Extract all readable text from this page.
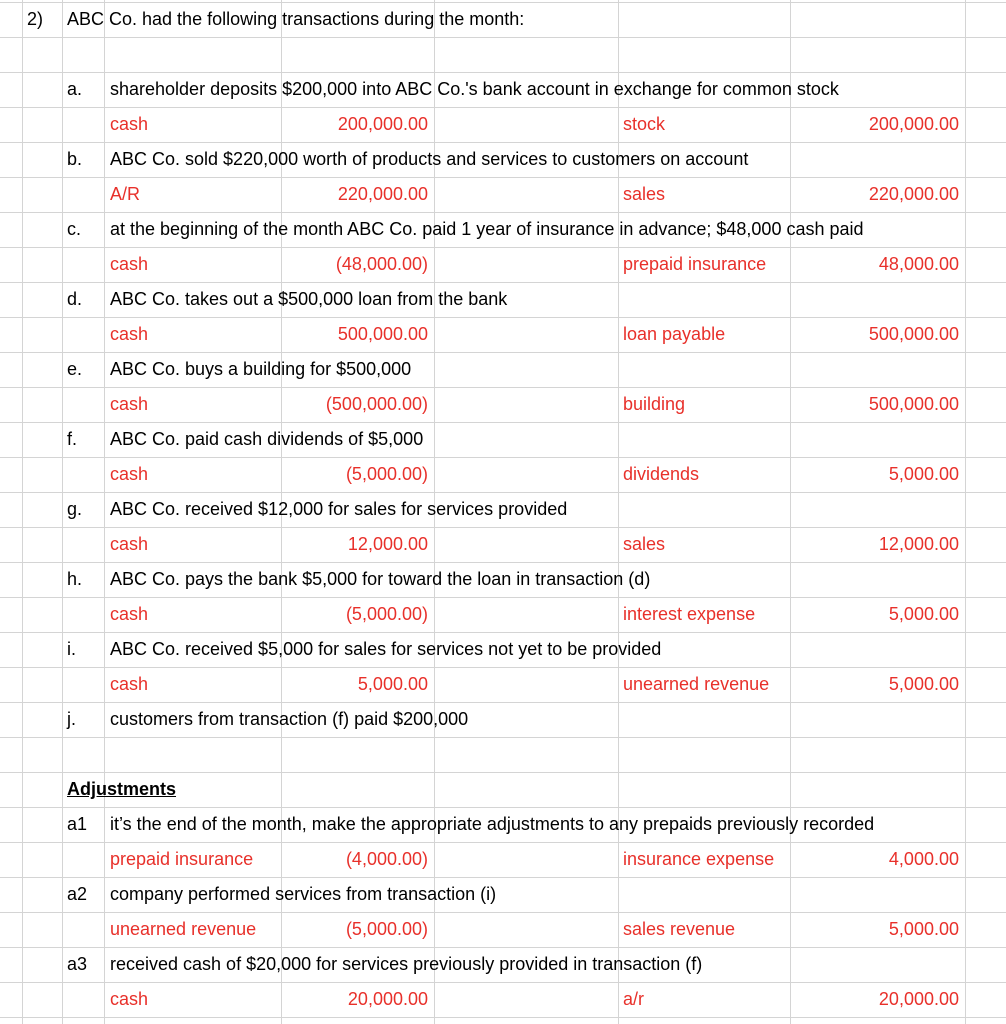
2) ABC Co. had the following transactions during the month:
a. shareholder deposits $200,000 into ABC Co.'s bank account in exchange for common stock
cash	200,000.00	stock	200,000.00
b. ABC Co. sold $220,000 worth of products and services to customers on account
A/R	220,000.00	sales	220,000.00
c. at the beginning of the month ABC Co. paid 1 year of insurance in advance; $48,000 cash paid
cash	(48,000.00)	prepaid insurance	48,000.00
d. ABC Co. takes out a $500,000 loan from the bank
cash	500,000.00	loan payable	500,000.00
e. ABC Co. buys a building for $500,000
cash	(500,000.00)	building	500,000.00
f. ABC Co. paid cash dividends of $5,000
cash	(5,000.00)	dividends	5,000.00
g. ABC Co. received $12,000 for sales for services provided
cash	12,000.00	sales	12,000.00
h. ABC Co. pays the bank $5,000 for toward the loan in transaction (d)
cash	(5,000.00)	interest expense	5,000.00
i. ABC Co. received $5,000 for sales for services not yet to be provided
cash	5,000.00	unearned revenue	5,000.00
j. customers from transaction (f) paid $200,000
Adjustments
a1 it’s the end of the month, make the appropriate adjustments to any prepaids previously recorded
prepaid insurance	(4,000.00)	insurance expense	4,000.00
a2 company performed services from transaction (i)
unearned revenue	(5,000.00)	sales revenue	5,000.00
a3 received cash of $20,000 for services previously provided in transaction (f)
cash	20,000.00	a/r	20,000.00
